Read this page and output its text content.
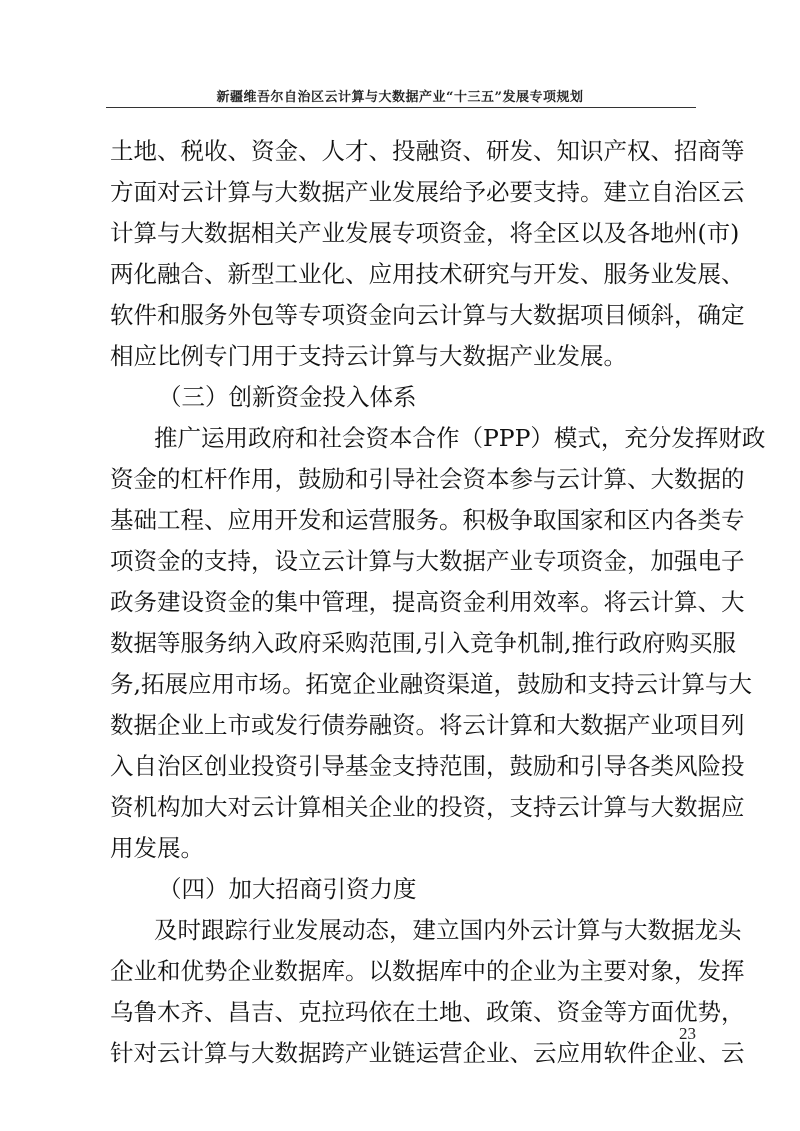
新疆维吾尔自治区云计算与大数据产业“十三五”发展专项规划
土地、税收、资金、人才、投融资、研发、知识产权、招商等
方面对云计算与大数据产业发展给予必要支持。建立自治区云
计算与大数据相关产业发展专项资金，将全区以及各地州(市)
两化融合、新型工业化、应用技术研究与开发、服务业发展、
软件和服务外包等专项资金向云计算与大数据项目倾斜，确定
相应比例专门用于支持云计算与大数据产业发展。
（三）创新资金投入体系
推广运用政府和社会资本合作（PPP）模式，充分发挥财政
资金的杠杆作用，鼓励和引导社会资本参与云计算、大数据的
基础工程、应用开发和运营服务。积极争取国家和区内各类专
项资金的支持，设立云计算与大数据产业专项资金，加强电子
政务建设资金的集中管理，提高资金利用效率。将云计算、大
数据等服务纳入政府采购范围,引入竞争机制,推行政府购买服
务,拓展应用市场。拓宽企业融资渠道，鼓励和支持云计算与大
数据企业上市或发行债券融资。将云计算和大数据产业项目列
入自治区创业投资引导基金支持范围，鼓励和引导各类风险投
资机构加大对云计算相关企业的投资，支持云计算与大数据应
用发展。
（四）加大招商引资力度
及时跟踪行业发展动态，建立国内外云计算与大数据龙头
企业和优势企业数据库。以数据库中的企业为主要对象，发挥
乌鲁木齐、昌吉、克拉玛依在土地、政策、资金等方面优势，
针对云计算与大数据跨产业链运营企业、云应用软件企业、云
23
